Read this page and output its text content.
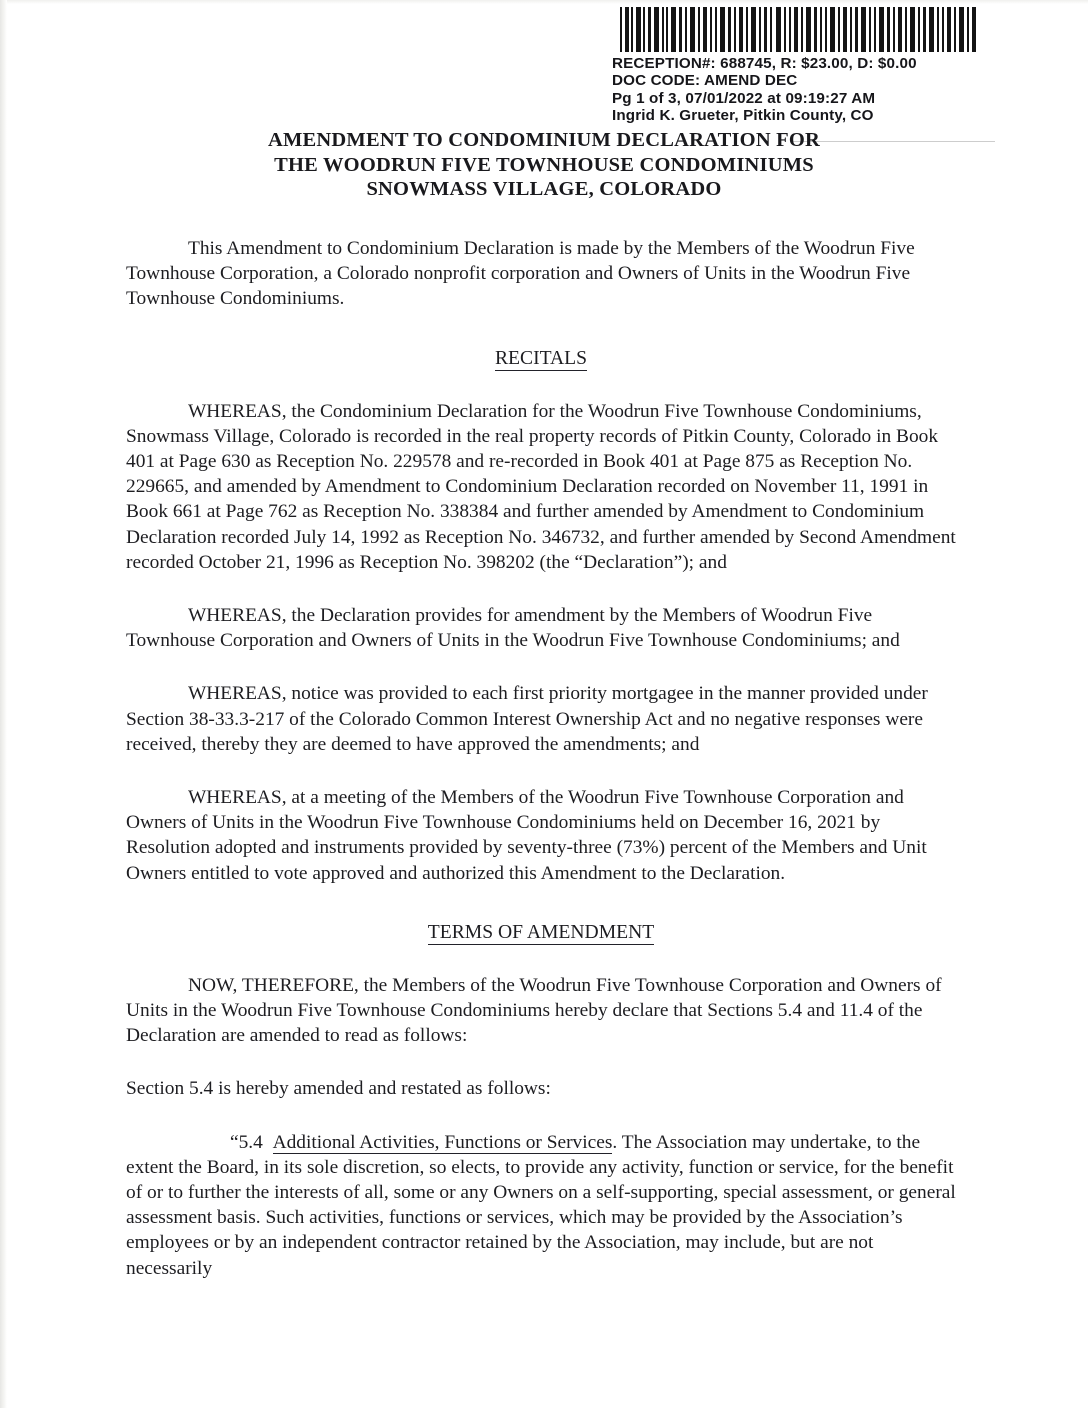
RECEPTION#: 688745, R: $23.00, D: $0.00
DOC CODE: AMEND DEC
Pg 1 of 3, 07/01/2022 at 09:19:27 AM
Ingrid K. Grueter, Pitkin County, CO
AMENDMENT TO CONDOMINIUM DECLARATION FOR
THE WOODRUN FIVE TOWNHOUSE CONDOMINIUMS
SNOWMASS VILLAGE, COLORADO

This Amendment to Condominium Declaration is made by the Members of the Woodrun Five Townhouse Corporation, a Colorado nonprofit corporation and Owners of Units in the Woodrun Five Townhouse Condominiums.

RECITALS

WHEREAS, the Condominium Declaration for the Woodrun Five Townhouse Condominiums, Snowmass Village, Colorado is recorded in the real property records of Pitkin County, Colorado in Book 401 at Page 630 as Reception No. 229578 and re-recorded in Book 401 at Page 875 as Reception No. 229665, and amended by Amendment to Condominium Declaration recorded on November 11, 1991 in Book 661 at Page 762 as Reception No. 338384 and further amended by Amendment to Condominium Declaration recorded July 14, 1992 as Reception No. 346732, and further amended by Second Amendment recorded October 21, 1996 as Reception No. 398202 (the “Declaration”); and

WHEREAS, the Declaration provides for amendment by the Members of Woodrun Five Townhouse Corporation and Owners of Units in the Woodrun Five Townhouse Condominiums; and

WHEREAS, notice was provided to each first priority mortgagee in the manner provided under Section 38-33.3-217 of the Colorado Common Interest Ownership Act and no negative responses were received, thereby they are deemed to have approved the amendments; and

WHEREAS, at a meeting of the Members of the Woodrun Five Townhouse Corporation and Owners of Units in the Woodrun Five Townhouse Condominiums held on December 16, 2021 by Resolution adopted and instruments provided by seventy-three (73%) percent of the Members and Unit Owners entitled to vote approved and authorized this Amendment to the Declaration.

TERMS OF AMENDMENT

NOW, THEREFORE, the Members of the Woodrun Five Townhouse Corporation and Owners of Units in the Woodrun Five Townhouse Condominiums hereby declare that Sections 5.4 and 11.4 of the Declaration are amended to read as follows:

Section 5.4 is hereby amended and restated as follows:

“5.4 Additional Activities, Functions or Services. The Association may undertake, to the extent the Board, in its sole discretion, so elects, to provide any activity, function or service, for the benefit of or to further the interests of all, some or any Owners on a self-supporting, special assessment, or general assessment basis. Such activities, functions or services, which may be provided by the Association’s employees or by an independent contractor retained by the Association, may include, but are not necessarily
